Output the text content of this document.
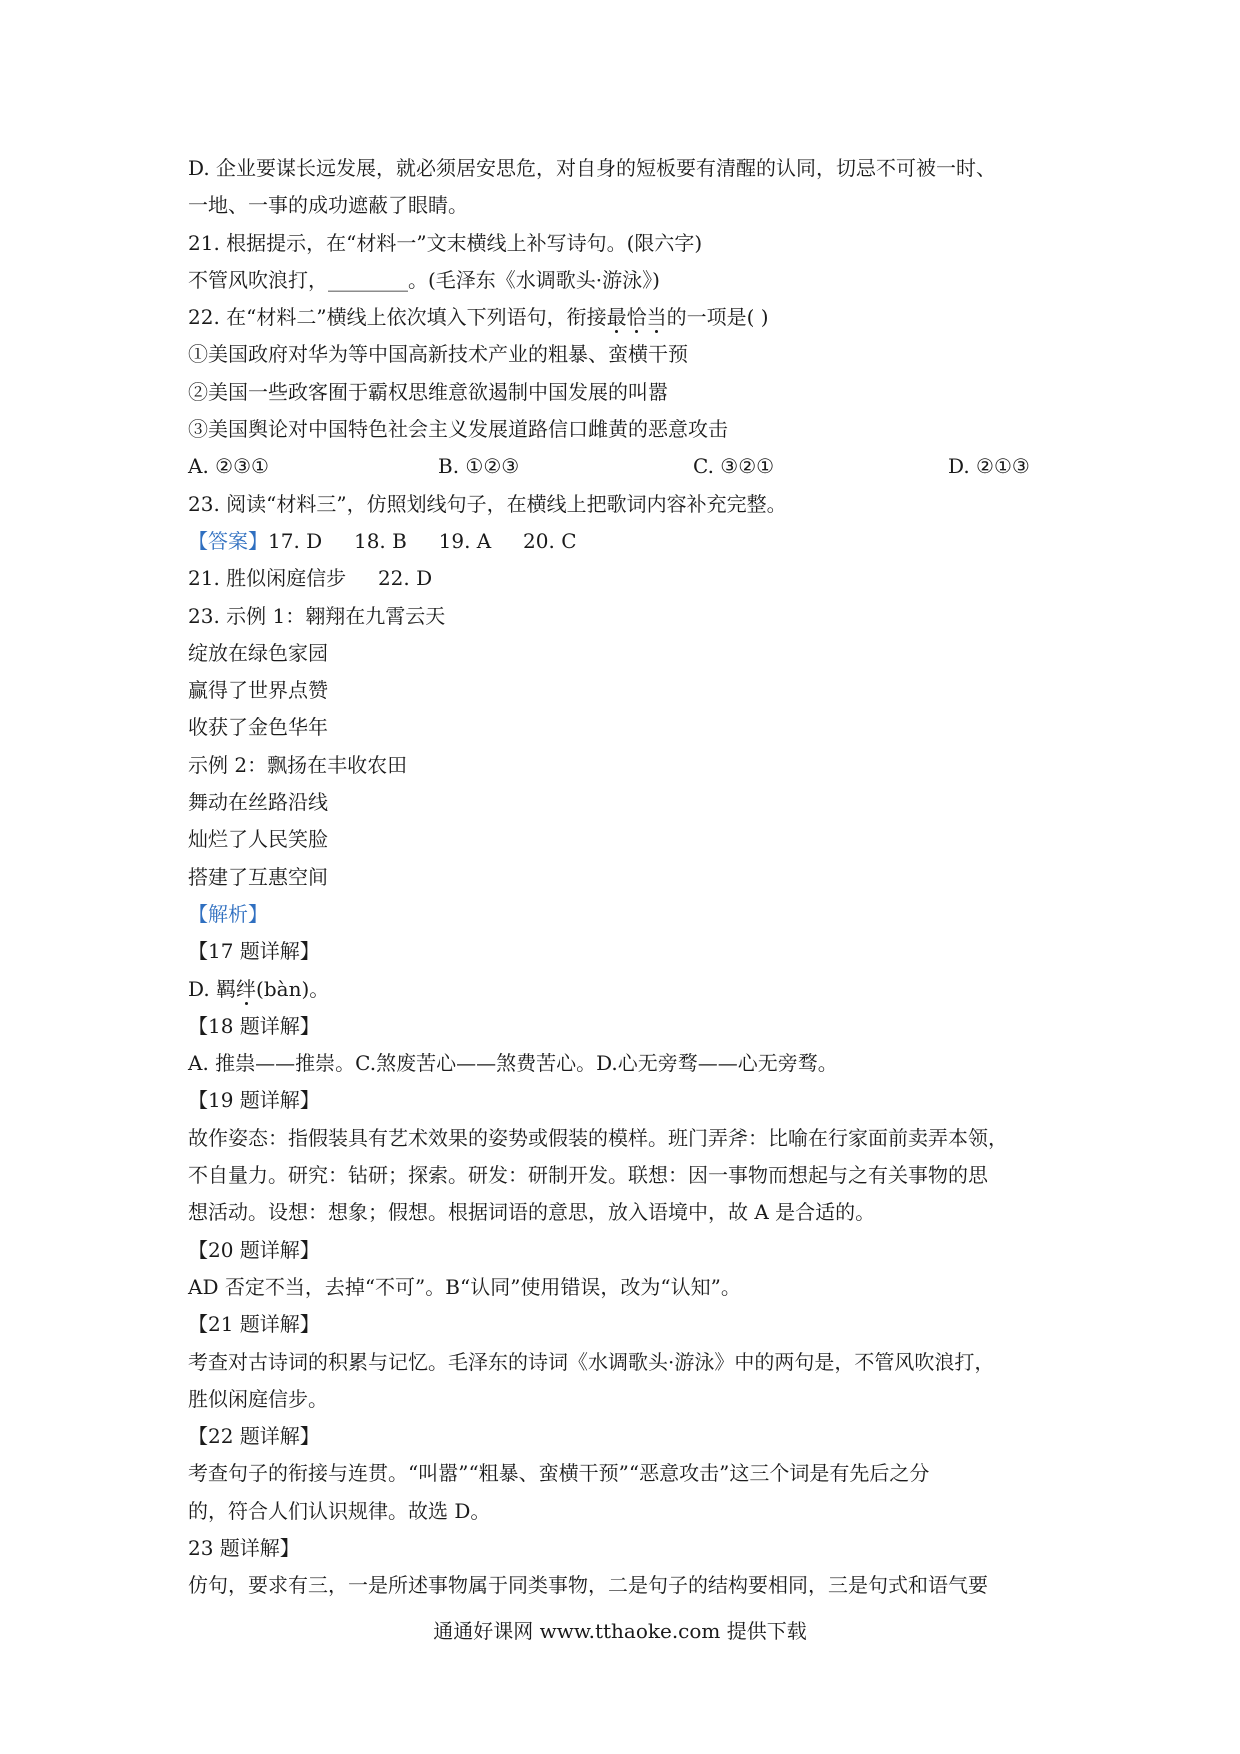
D. 企业要谋长远发展，就必须居安思危，对自身的短板要有清醒的认同，切忌不可被一时、
一地、一事的成功遮蔽了眼睛。
21. 根据提示，在“材料一”文末横线上补写诗句。(限六字)
不管风吹浪打，________。(毛泽东《水调歌头·游泳》)
22. 在“材料二”横线上依次填入下列语句，衔接最恰当的一项是( )
①美国政府对华为等中国高新技术产业的粗暴、蛮横干预
②美国一些政客囿于霸权思维意欲遏制中国发展的叫嚣
③美国舆论对中国特色社会主义发展道路信口雌黄的恶意攻击
A. ②③①	B. ①②③	C. ③②①	D. ②①③
23. 阅读“材料三”，仿照划线句子，在横线上把歌词内容补充完整。
【答案】17. D     18. B     19. A     20. C
21. 胜似闲庭信步     22. D
23. 示例 1：翱翔在九霄云天
绽放在绿色家园
赢得了世界点赞
收获了金色华年
示例 2：飘扬在丰收农田
舞动在丝路沿线
灿烂了人民笑脸
搭建了互惠空间
【解析】
【17 题详解】
D. 羁绊(bàn)。
【18 题详解】
A. 推祟——推崇。C.煞废苦心——煞费苦心。D.心无旁骛——心无旁骛。
【19 题详解】
故作姿态：指假装具有艺术效果的姿势或假装的模样。班门弄斧：比喻在行家面前卖弄本领，
不自量力。研究：钻研；探索。研发：研制开发。联想：因一事物而想起与之有关事物的思
想活动。设想：想象；假想。根据词语的意思，放入语境中，故 A 是合适的。
【20 题详解】
AD 否定不当，去掉“不可”。B“认同”使用错误，改为“认知”。
【21 题详解】
考查对古诗词的积累与记忆。毛泽东的诗词《水调歌头·游泳》中的两句是，不管风吹浪打，
胜似闲庭信步。
【22 题详解】
考查句子的衔接与连贯。“叫嚣”“粗暴、蛮横干预”“恶意攻击”这三个词是有先后之分
的，符合人们认识规律。故选 D。
23 题详解】
仿句，要求有三，一是所述事物属于同类事物，二是句子的结构要相同，三是句式和语气要
通通好课网 www.tthaoke.com 提供下载
